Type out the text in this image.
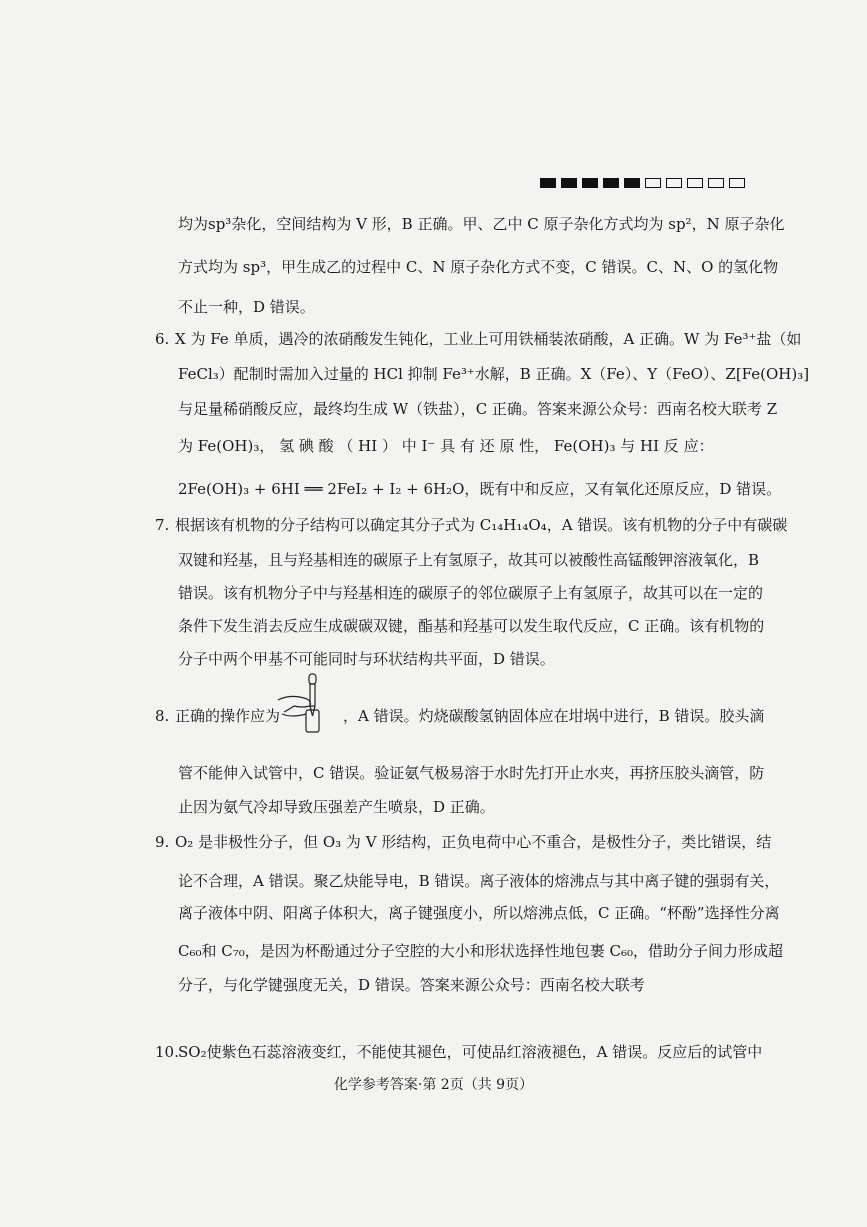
均为sp³杂化，空间结构为 V 形，B 正确。甲、乙中 C 原子杂化方式均为 sp²，N 原子杂化
方式均为 sp³，甲生成乙的过程中 C、N 原子杂化方式不变，C 错误。C、N、O 的氢化物
不止一种，D 错误。
6. X 为 Fe 单质，遇冷的浓硝酸发生钝化，工业上可用铁桶装浓硝酸，A 正确。W 为 Fe³⁺盐（如
FeCl₃）配制时需加入过量的 HCl 抑制 Fe³⁺水解，B 正确。X（Fe）、Y（FeO）、Z[Fe(OH)₃]
与足量稀硝酸反应，最终均生成 W（铁盐），C 正确。答案来源公众号：西南名校大联考 Z
为 Fe(OH)₃， 氢 碘 酸 （ HI ） 中 I⁻ 具 有 还 原 性， Fe(OH)₃ 与 HI 反 应：
2Fe(OH)₃ + 6HI ══ 2FeI₂ + I₂ + 6H₂O，既有中和反应，又有氧化还原反应，D 错误。
7. 根据该有机物的分子结构可以确定其分子式为 C₁₄H₁₄O₄，A 错误。该有机物的分子中有碳碳
双键和羟基，且与羟基相连的碳原子上有氢原子，故其可以被酸性高锰酸钾溶液氧化，B
错误。该有机物分子中与羟基相连的碳原子的邻位碳原子上有氢原子，故其可以在一定的
条件下发生消去反应生成碳碳双键，酯基和羟基可以发生取代反应，C 正确。该有机物的
分子中两个甲基不可能同时与环状结构共平面，D 错误。
8. 正确的操作应为	，A 错误。灼烧碳酸氢钠固体应在坩埚中进行，B 错误。胶头滴
管不能伸入试管中，C 错误。验证氨气极易溶于水时先打开止水夹，再挤压胶头滴管，防
止因为氨气冷却导致压强差产生喷泉，D 正确。
9. O₂ 是非极性分子，但 O₃ 为 V 形结构，正负电荷中心不重合，是极性分子，类比错误，结
论不合理，A 错误。聚乙炔能导电，B 错误。离子液体的熔沸点与其中离子键的强弱有关，
离子液体中阴、阳离子体积大，离子键强度小，所以熔沸点低，C 正确。“杯酚”选择性分离
C₆₀和 C₇₀，是因为杯酚通过分子空腔的大小和形状选择性地包裹 C₆₀，借助分子间力形成超
分子，与化学键强度无关，D 错误。答案来源公众号：西南名校大联考
10. SO₂使紫色石蕊溶液变红，不能使其褪色，可使品红溶液褪色，A 错误。反应后的试管中
化学参考答案·第 2页（共 9页）
